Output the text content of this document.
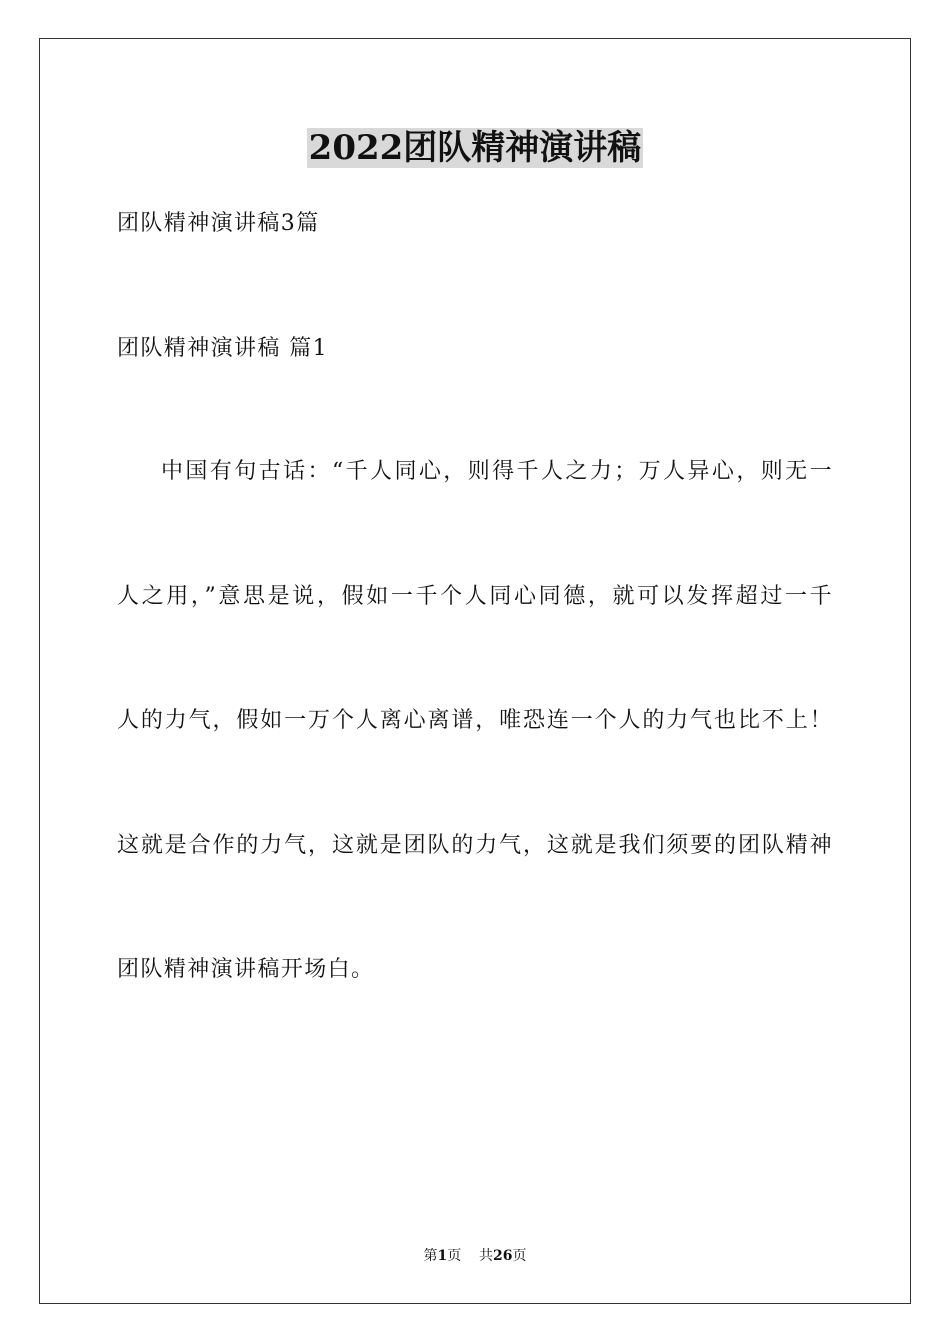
2022团队精神演讲稿
团队精神演讲稿3篇
团队精神演讲稿 篇1
中国有句古话：“千人同心，则得千人之力；万人异心，则无一
人之用，”意思是说，假如一千个人同心同德，就可以发挥超过一千
人的力气，假如一万个人离心离谱，唯恐连一个人的力气也比不上！
这就是合作的力气，这就是团队的力气，这就是我们须要的团队精神
团队精神演讲稿开场白。
第1页 共26页
